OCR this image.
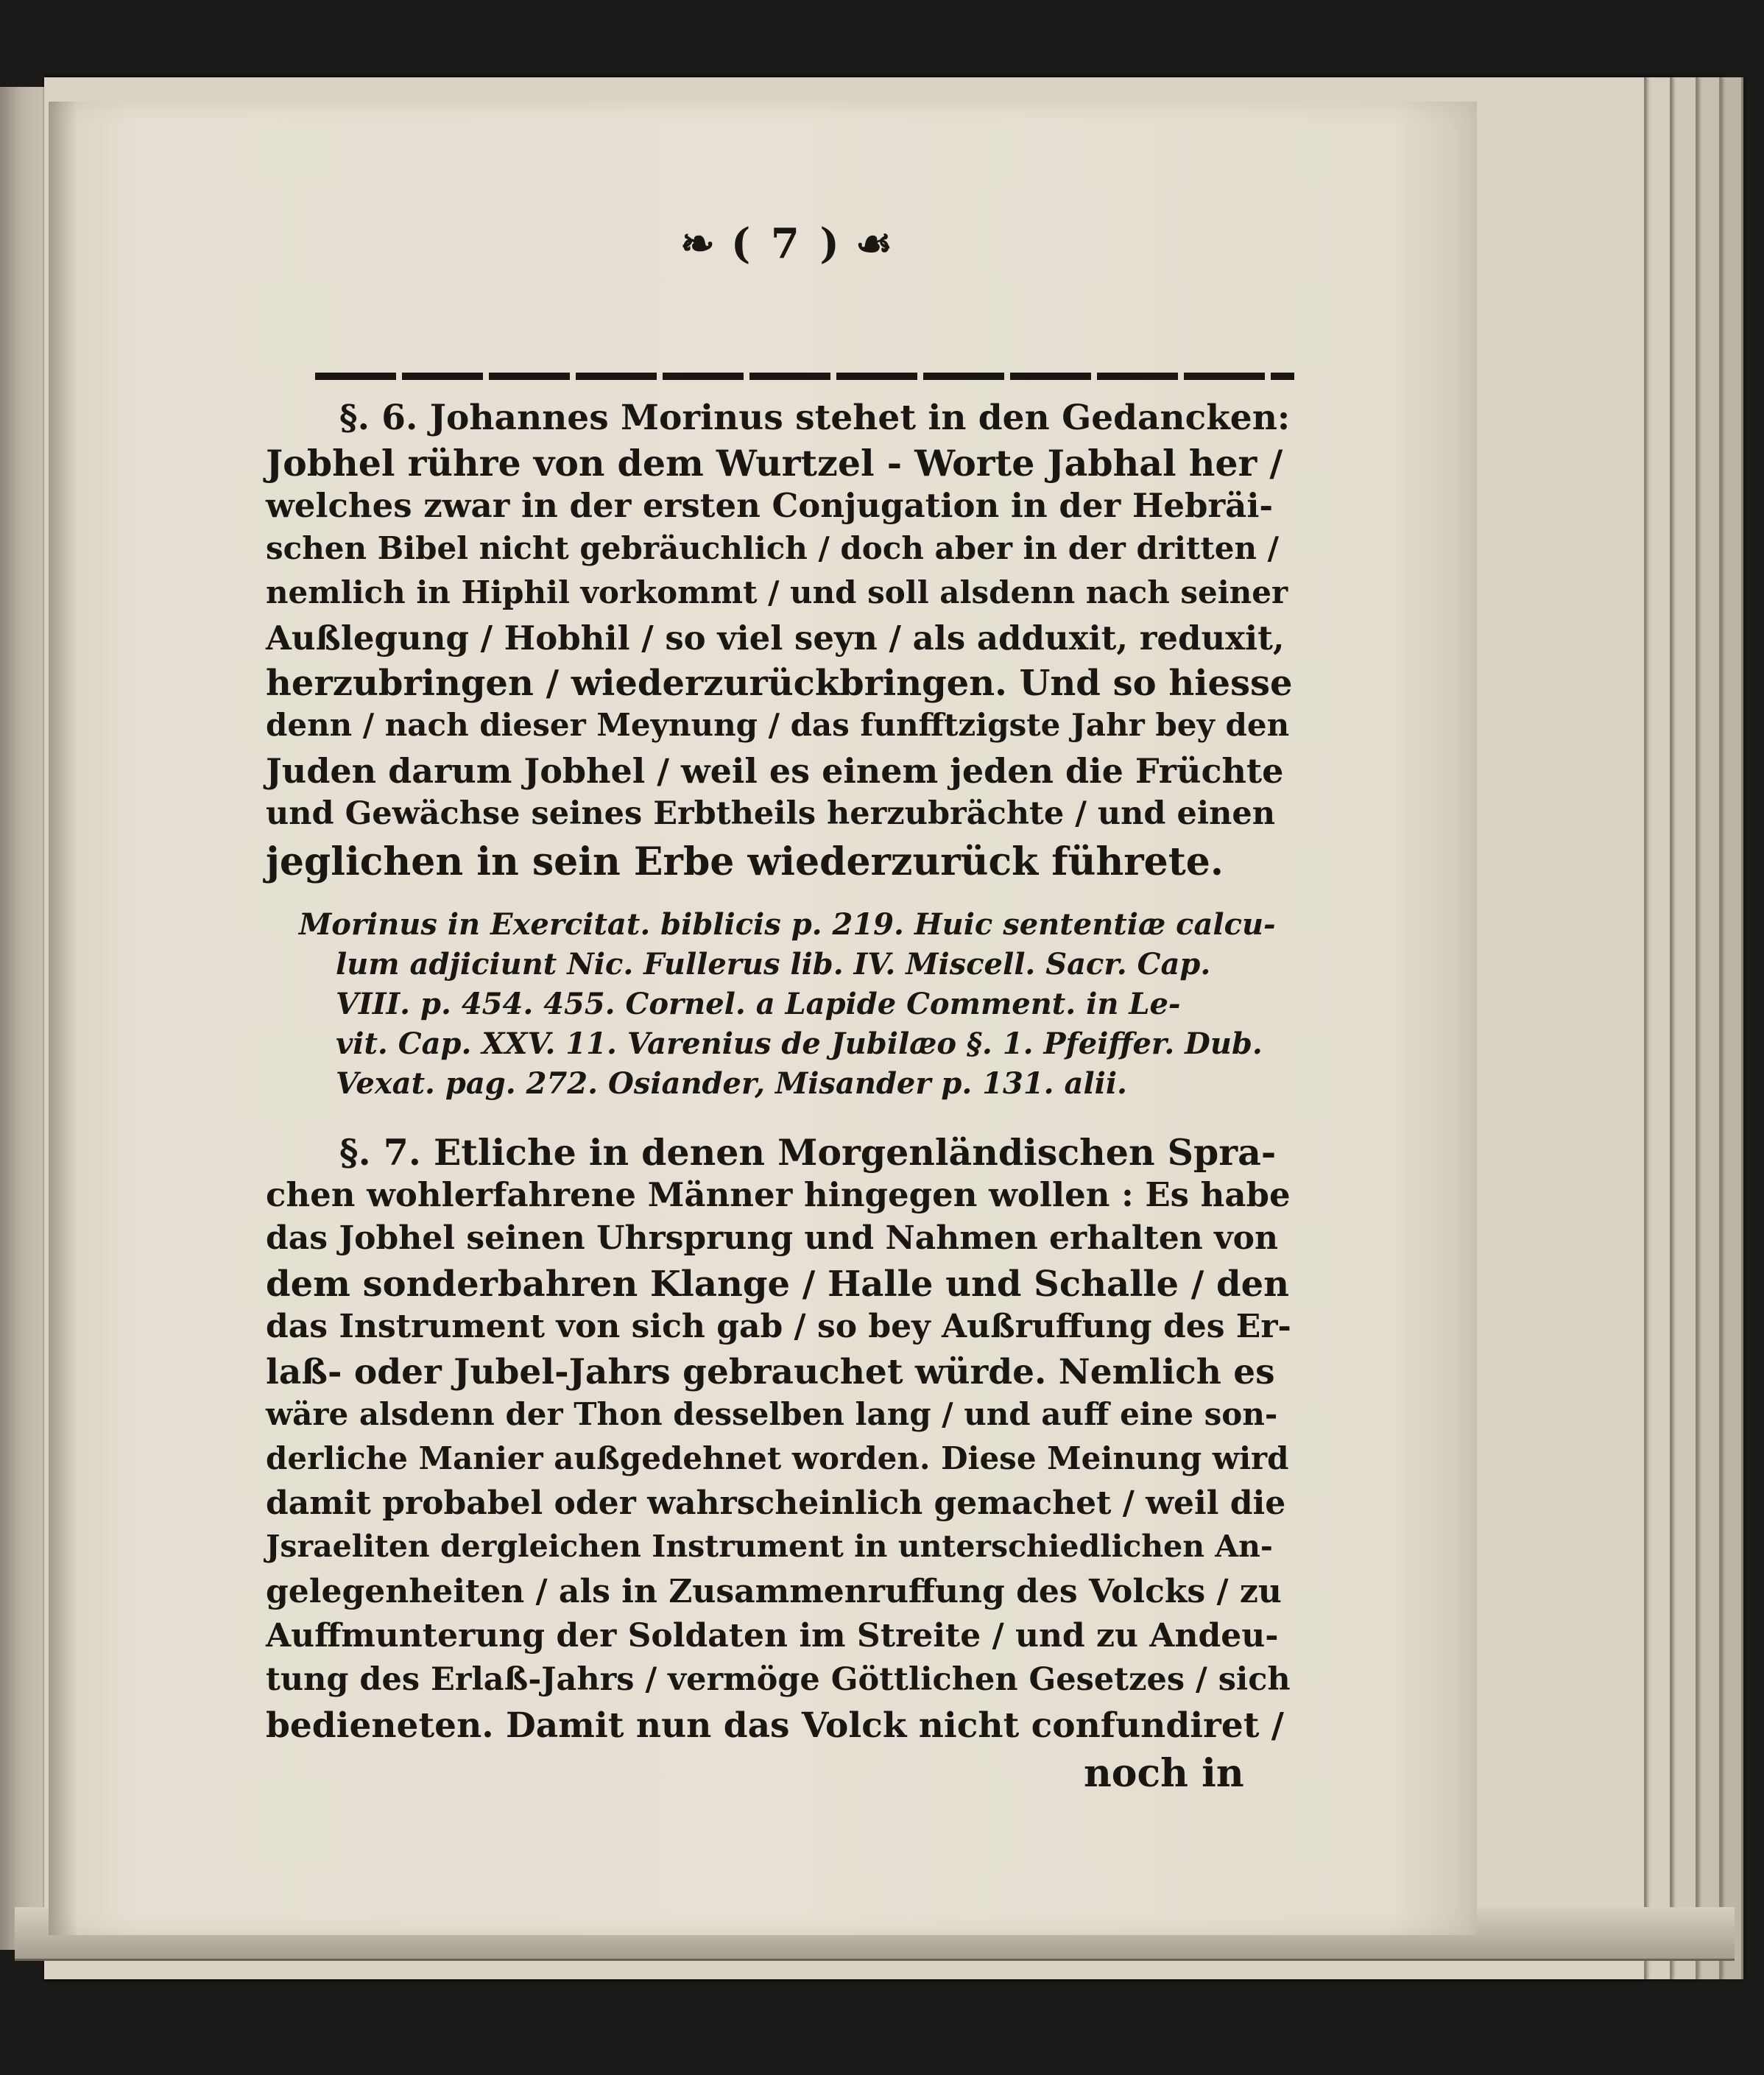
❧ ( 7 ) ☙
§. 6. Johannes Morinus stehet in den Gedancken:
Jobhel rühre von dem Wurtzel - Worte Jabhal her /
welches zwar in der ersten Conjugation in der Hebräi-
schen Bibel nicht gebräuchlich / doch aber in der dritten /
nemlich in Hiphil vorkommt / und soll alsdenn nach seiner
Außlegung / Hobhil / so viel seyn / als adduxit, reduxit,
herzubringen / wiederzurückbringen. Und so hiesse
denn / nach dieser Meynung / das funfftzigste Jahr bey den
Juden darum Jobhel / weil es einem jeden die Früchte
und Gewächse seines Erbtheils herzubrächte / und einen
jeglichen in sein Erbe wiederzurück führete.
Morinus in Exercitat. biblicis p. 219. Huic sententiæ calcu-
lum adjiciunt Nic. Fullerus lib. IV. Miscell. Sacr. Cap.
VIII. p. 454. 455. Cornel. a Lapide Comment. in Le-
vit. Cap. XXV. 11. Varenius de Jubilæo §. 1. Pfeiffer. Dub.
Vexat. pag. 272. Osiander, Misander p. 131. alii.
§. 7. Etliche in denen Morgenländischen Spra-
chen wohlerfahrene Männer hingegen wollen : Es habe
das Jobhel seinen Uhrsprung und Nahmen erhalten von
dem sonderbahren Klange / Halle und Schalle / den
das Instrument von sich gab / so bey Außruffung des Er-
laß- oder Jubel-Jahrs gebrauchet würde. Nemlich es
wäre alsdenn der Thon desselben lang / und auff eine son-
derliche Manier außgedehnet worden. Diese Meinung wird
damit probabel oder wahrscheinlich gemachet / weil die
Jsraeliten dergleichen Instrument in unterschiedlichen An-
gelegenheiten / als in Zusammenruffung des Volcks / zu
Auffmunterung der Soldaten im Streite / und zu Andeu-
tung des Erlaß-Jahrs / vermöge Göttlichen Gesetzes / sich
bedieneten. Damit nun das Volck nicht confundiret /
noch in
